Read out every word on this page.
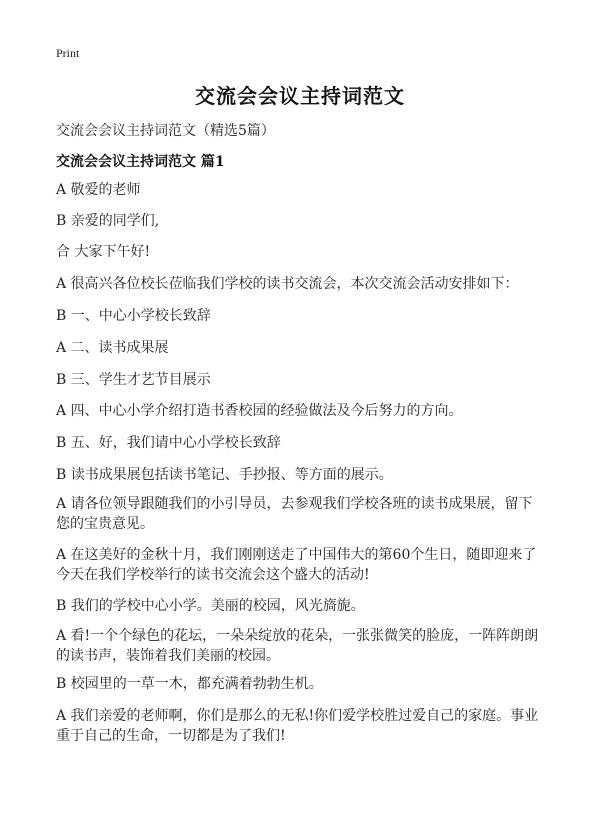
Print
交流会会议主持词范文
交流会会议主持词范文（精选5篇）
交流会会议主持词范文 篇1

A 敬爱的老师

B 亲爱的同学们,

合 大家下午好!

A 很高兴各位校长莅临我们学校的读书交流会，本次交流会活动安排如下：

B 一、中心小学校长致辞

A 二、读书成果展

B 三、学生才艺节目展示

A 四、中心小学介绍打造书香校园的经验做法及今后努力的方向。

B 五、好，我们请中心小学校长致辞

B 读书成果展包括读书笔记、手抄报、等方面的展示。

A 请各位领导跟随我们的小引导员，去参观我们学校各班的读书成果展，留下您的宝贵意见。

A 在这美好的金秋十月，我们刚刚送走了中国伟大的第60个生日，随即迎来了今天在我们学校举行的读书交流会这个盛大的活动!

B 我们的学校中心小学。美丽的校园，风光旖旎。

A 看!一个个绿色的花坛，一朵朵绽放的花朵，一张张微笑的脸庞，一阵阵朗朗的读书声，装饰着我们美丽的校园。

B 校园里的一草一木，都充满着勃勃生机。

A 我们亲爱的老师啊，你们是那么的无私!你们爱学校胜过爱自己的家庭。事业重于自己的生命，一切都是为了我们!
